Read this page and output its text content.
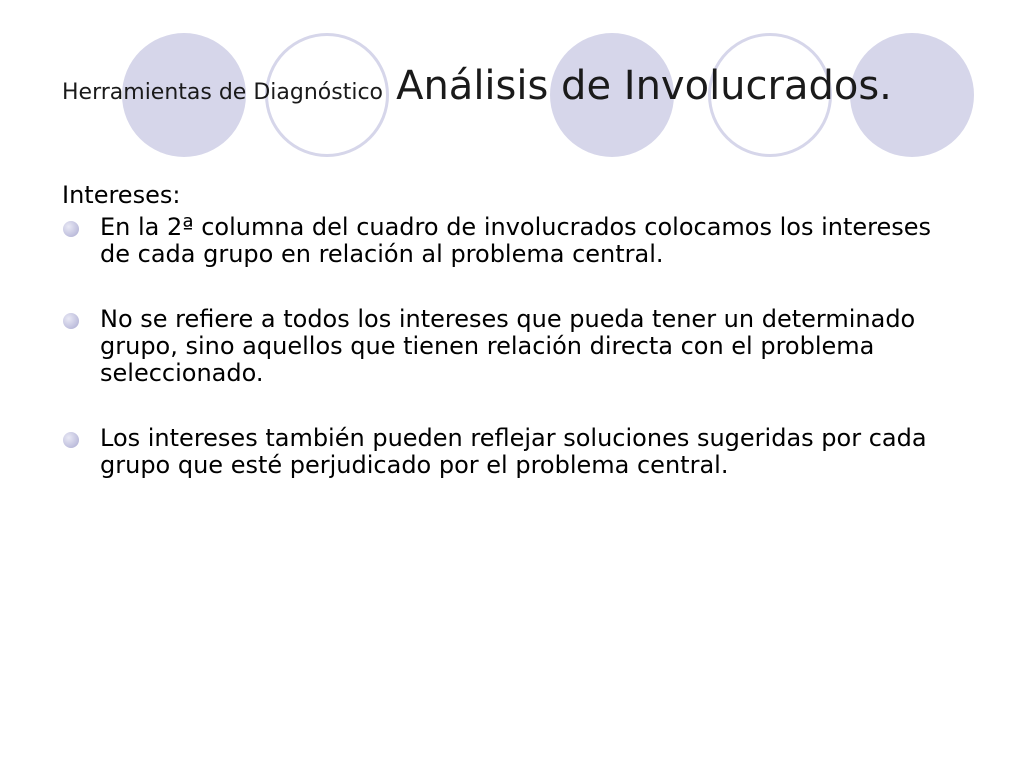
Herramientas de Diagnóstico Análisis de Involucrados.

Intereses:

En la 2ª columna del cuadro de involucrados colocamos los intereses de cada grupo en relación al problema central.
No se refiere a todos los intereses que pueda tener un determinado grupo, sino aquellos que tienen relación directa con el problema seleccionado.
Los intereses también pueden reflejar soluciones sugeridas por cada grupo que esté perjudicado por el problema central.
